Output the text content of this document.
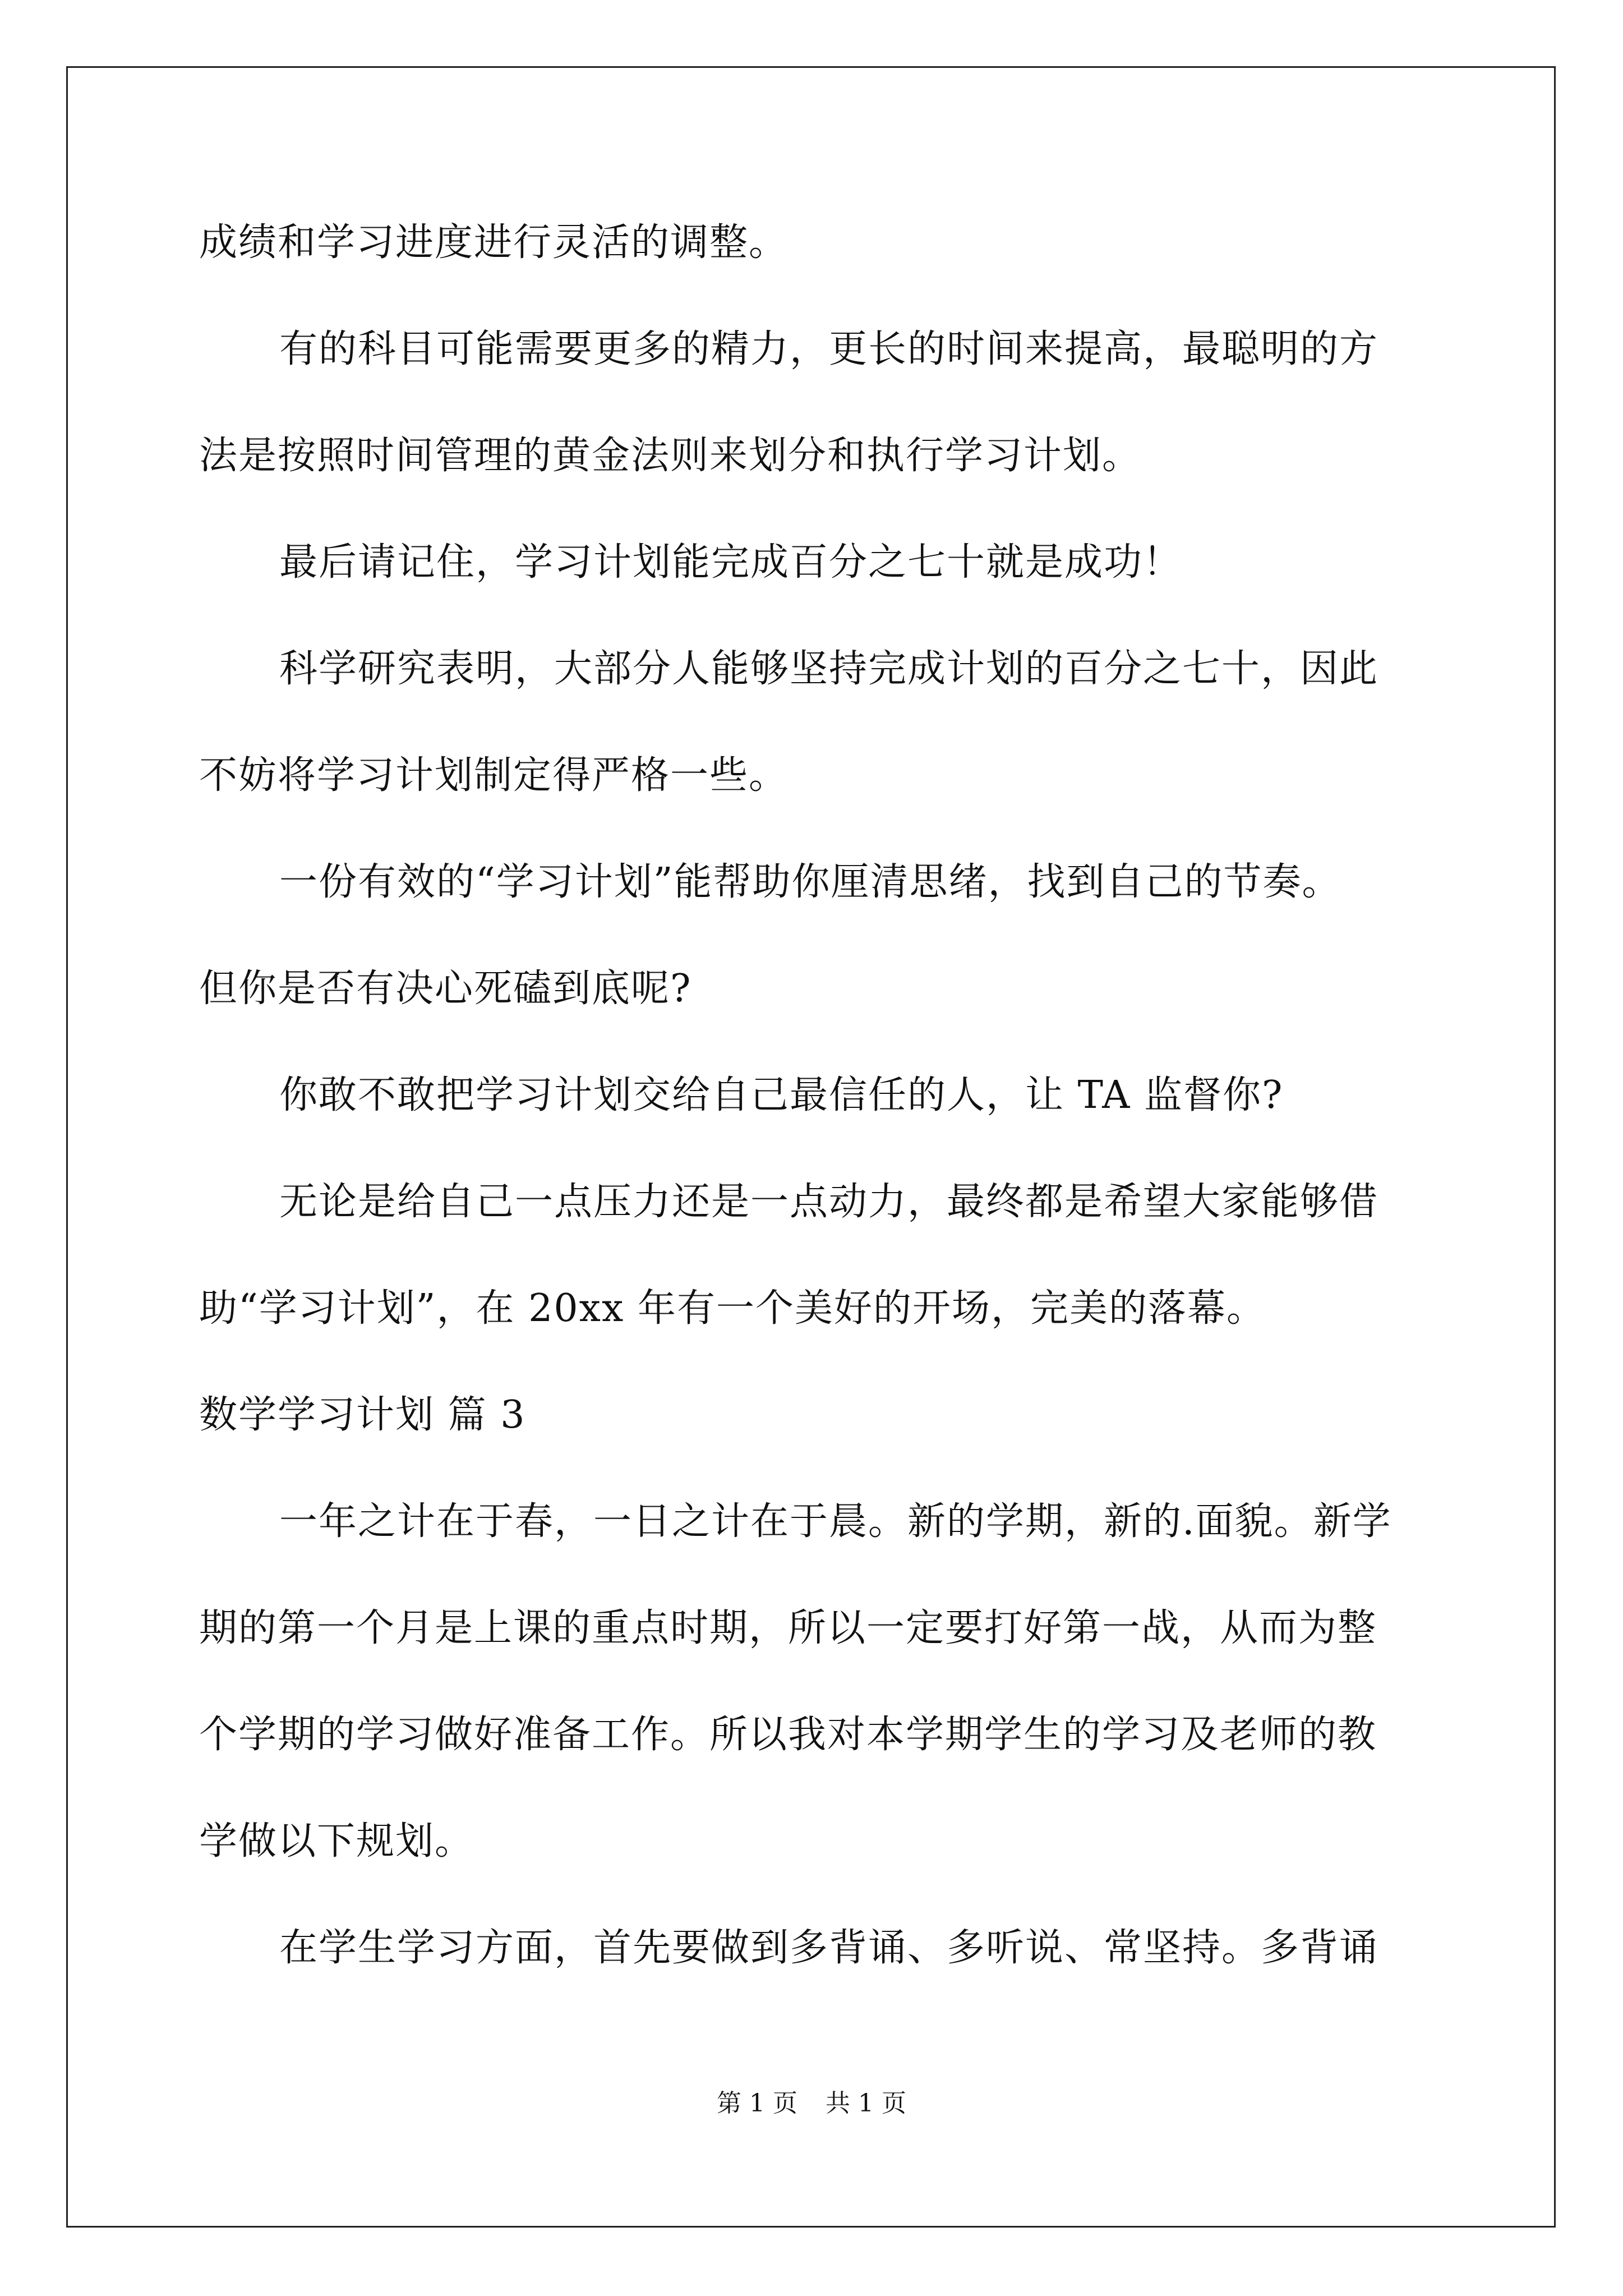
成绩和学习进度进行灵活的调整。
有的科目可能需要更多的精力，更长的时间来提高，最聪明的方
法是按照时间管理的黄金法则来划分和执行学习计划。
最后请记住，学习计划能完成百分之七十就是成功！
科学研究表明，大部分人能够坚持完成计划的百分之七十，因此
不妨将学习计划制定得严格一些。
一份有效的“学习计划”能帮助你厘清思绪，找到自己的节奏。
但你是否有决心死磕到底呢?
你敢不敢把学习计划交给自己最信任的人，让 TA 监督你?
无论是给自己一点压力还是一点动力，最终都是希望大家能够借
助“学习计划”，在 20xx 年有一个美好的开场，完美的落幕。
数学学习计划 篇 3
一年之计在于春，一日之计在于晨。新的学期，新的.面貌。新学
期的第一个月是上课的重点时期，所以一定要打好第一战，从而为整
个学期的学习做好准备工作。所以我对本学期学生的学习及老师的教
学做以下规划。
在学生学习方面，首先要做到多背诵、多听说、常坚持。多背诵
第 1 页 共 1 页
